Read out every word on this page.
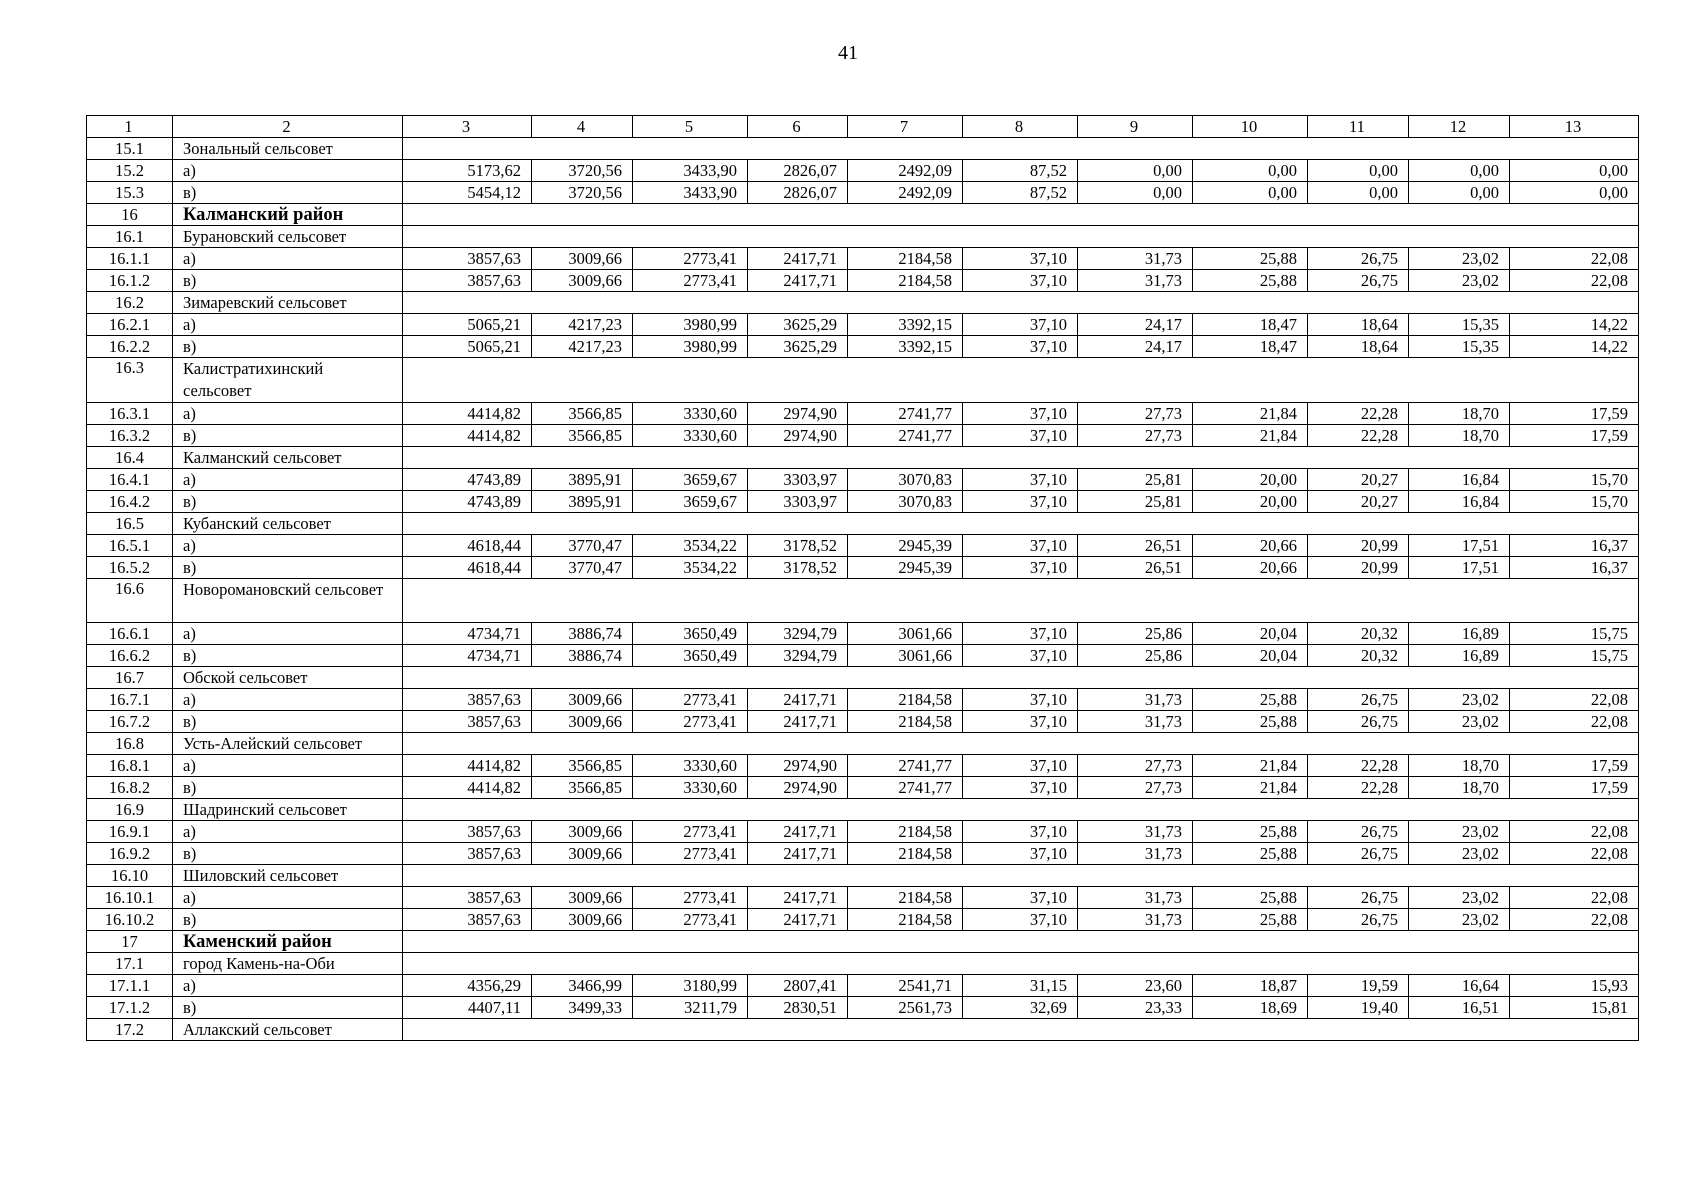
41
1	2	3	4	5	6	7	8	9	10	11	12	13
15.1	Зональный сельсовет											
15.2	а)	5173,62	3720,56	3433,90	2826,07	2492,09	87,52	0,00	0,00	0,00	0,00	0,00
15.3	в)	5454,12	3720,56	3433,90	2826,07	2492,09	87,52	0,00	0,00	0,00	0,00	0,00
16	Калманский район											
16.1	Бурановский сельсовет											
16.1.1	а)	3857,63	3009,66	2773,41	2417,71	2184,58	37,10	31,73	25,88	26,75	23,02	22,08
16.1.2	в)	3857,63	3009,66	2773,41	2417,71	2184,58	37,10	31,73	25,88	26,75	23,02	22,08
16.2	Зимаревский сельсовет											
16.2.1	а)	5065,21	4217,23	3980,99	3625,29	3392,15	37,10	24,17	18,47	18,64	15,35	14,22
16.2.2	в)	5065,21	4217,23	3980,99	3625,29	3392,15	37,10	24,17	18,47	18,64	15,35	14,22
16.3	Калистратихинский сельсовет											
16.3.1	а)	4414,82	3566,85	3330,60	2974,90	2741,77	37,10	27,73	21,84	22,28	18,70	17,59
16.3.2	в)	4414,82	3566,85	3330,60	2974,90	2741,77	37,10	27,73	21,84	22,28	18,70	17,59
16.4	Калманский сельсовет											
16.4.1	а)	4743,89	3895,91	3659,67	3303,97	3070,83	37,10	25,81	20,00	20,27	16,84	15,70
16.4.2	в)	4743,89	3895,91	3659,67	3303,97	3070,83	37,10	25,81	20,00	20,27	16,84	15,70
16.5	Кубанский сельсовет											
16.5.1	а)	4618,44	3770,47	3534,22	3178,52	2945,39	37,10	26,51	20,66	20,99	17,51	16,37
16.5.2	в)	4618,44	3770,47	3534,22	3178,52	2945,39	37,10	26,51	20,66	20,99	17,51	16,37
16.6	Новоромановский сельсовет											
16.6.1	а)	4734,71	3886,74	3650,49	3294,79	3061,66	37,10	25,86	20,04	20,32	16,89	15,75
16.6.2	в)	4734,71	3886,74	3650,49	3294,79	3061,66	37,10	25,86	20,04	20,32	16,89	15,75
16.7	Обской сельсовет											
16.7.1	а)	3857,63	3009,66	2773,41	2417,71	2184,58	37,10	31,73	25,88	26,75	23,02	22,08
16.7.2	в)	3857,63	3009,66	2773,41	2417,71	2184,58	37,10	31,73	25,88	26,75	23,02	22,08
16.8	Усть-Алейский сельсовет											
16.8.1	а)	4414,82	3566,85	3330,60	2974,90	2741,77	37,10	27,73	21,84	22,28	18,70	17,59
16.8.2	в)	4414,82	3566,85	3330,60	2974,90	2741,77	37,10	27,73	21,84	22,28	18,70	17,59
16.9	Шадринский сельсовет											
16.9.1	а)	3857,63	3009,66	2773,41	2417,71	2184,58	37,10	31,73	25,88	26,75	23,02	22,08
16.9.2	в)	3857,63	3009,66	2773,41	2417,71	2184,58	37,10	31,73	25,88	26,75	23,02	22,08
16.10	Шиловский сельсовет											
16.10.1	а)	3857,63	3009,66	2773,41	2417,71	2184,58	37,10	31,73	25,88	26,75	23,02	22,08
16.10.2	в)	3857,63	3009,66	2773,41	2417,71	2184,58	37,10	31,73	25,88	26,75	23,02	22,08
17	Каменский район											
17.1	город Камень-на-Оби											
17.1.1	а)	4356,29	3466,99	3180,99	2807,41	2541,71	31,15	23,60	18,87	19,59	16,64	15,93
17.1.2	в)	4407,11	3499,33	3211,79	2830,51	2561,73	32,69	23,33	18,69	19,40	16,51	15,81
17.2	Аллакский сельсовет											
